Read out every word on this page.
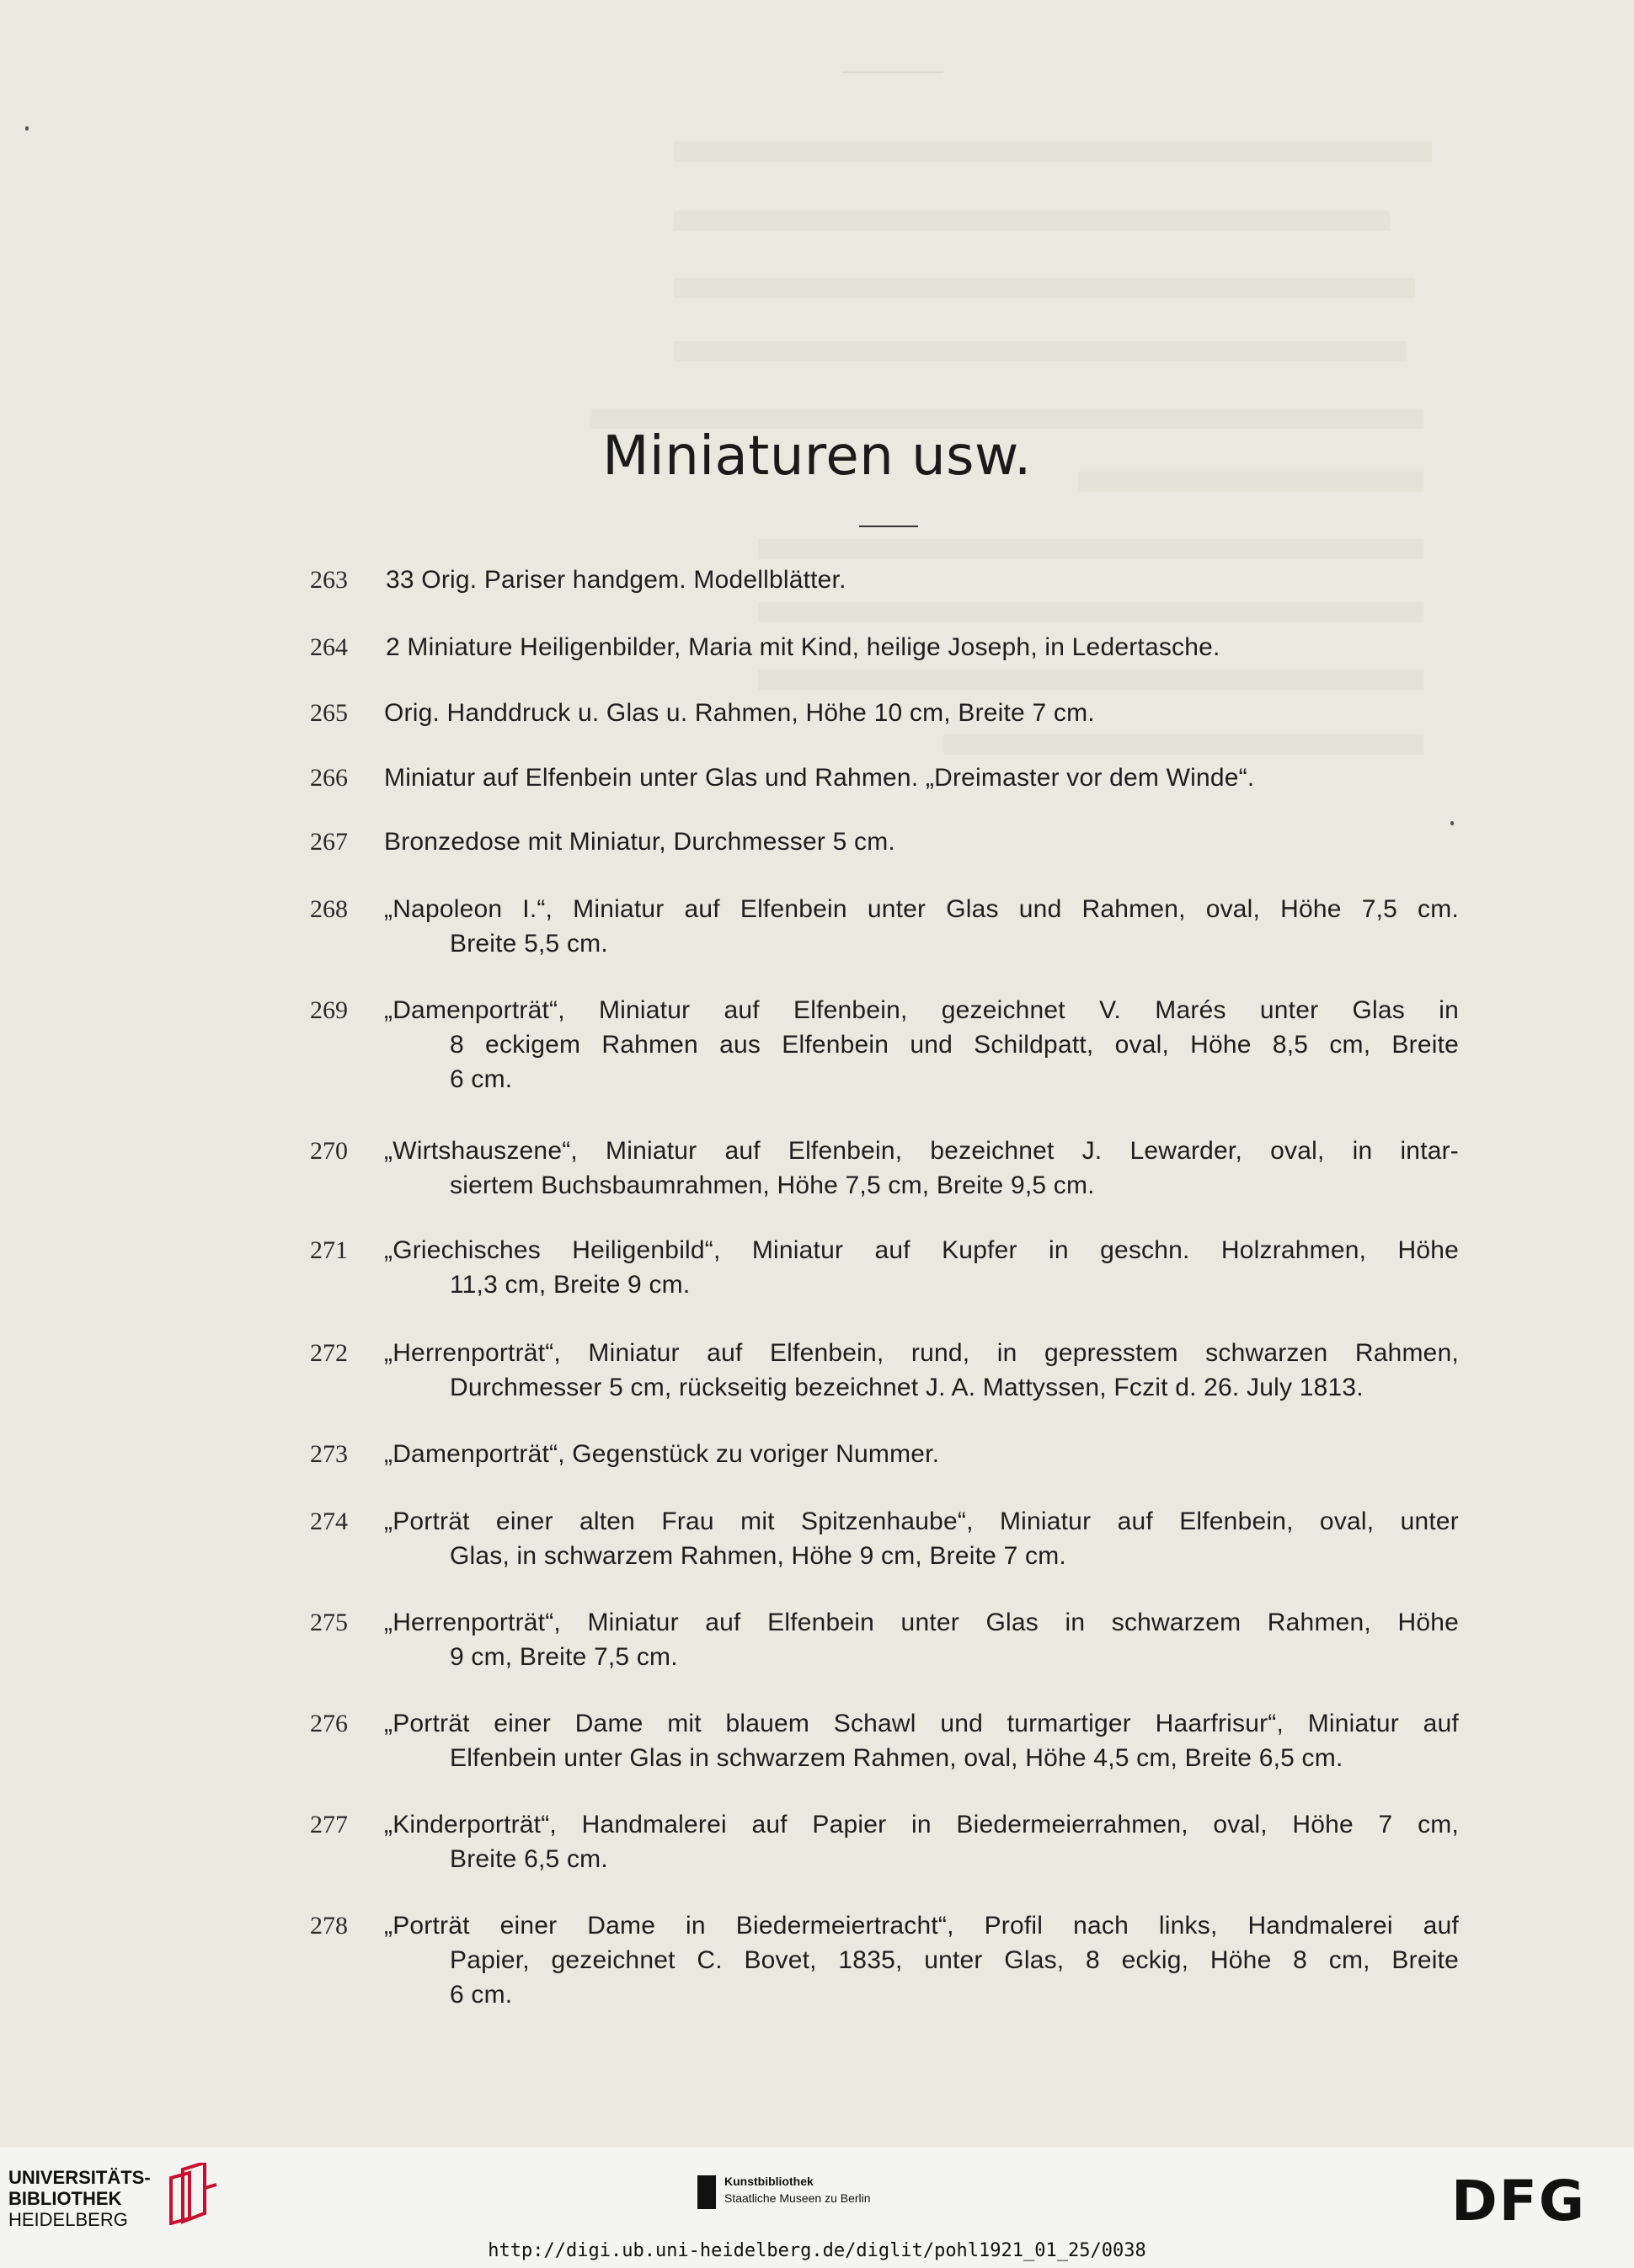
Miniaturen usw.
263 33 Orig. Pariser handgem. Modellblätter.
264 2 Miniature Heiligenbilder, Maria mit Kind, heilige Joseph, in Ledertasche.
265 Orig. Handdruck u. Glas u. Rahmen, Höhe 10 cm, Breite 7 cm.
266 Miniatur auf Elfenbein unter Glas und Rahmen. „Dreimaster vor dem Winde“.
267 Bronzedose mit Miniatur, Durchmesser 5 cm.
268 „Napoleon I.“, Miniatur auf Elfenbein unter Glas und Rahmen, oval, Höhe 7,5 cm.
Breite 5,5 cm.
269 „Damenporträt“, Miniatur auf Elfenbein, gezeichnet V. Marés unter Glas in
8 eckigem Rahmen aus Elfenbein und Schildpatt, oval, Höhe 8,5 cm, Breite
6 cm.
270 „Wirtshauszene“, Miniatur auf Elfenbein, bezeichnet J. Lewarder, oval, in intar-
siertem Buchsbaumrahmen, Höhe 7,5 cm, Breite 9,5 cm.
271 „Griechisches Heiligenbild“, Miniatur auf Kupfer in geschn. Holzrahmen, Höhe
11,3 cm, Breite 9 cm.
272 „Herrenporträt“, Miniatur auf Elfenbein, rund, in gepresstem schwarzen Rahmen,
Durchmesser 5 cm, rückseitig bezeichnet J. A. Mattyssen, Fczit d. 26. July 1813.
273 „Damenporträt“, Gegenstück zu voriger Nummer.
274 „Porträt einer alten Frau mit Spitzenhaube“, Miniatur auf Elfenbein, oval, unter
Glas, in schwarzem Rahmen, Höhe 9 cm, Breite 7 cm.
275 „Herrenporträt“, Miniatur auf Elfenbein unter Glas in schwarzem Rahmen, Höhe
9 cm, Breite 7,5 cm.
276 „Porträt einer Dame mit blauem Schawl und turmartiger Haarfrisur“, Miniatur auf
Elfenbein unter Glas in schwarzem Rahmen, oval, Höhe 4,5 cm, Breite 6,5 cm.
277 „Kinderporträt“, Handmalerei auf Papier in Biedermeierrahmen, oval, Höhe 7 cm,
Breite 6,5 cm.
278 „Porträt einer Dame in Biedermeiertracht“, Profil nach links, Handmalerei auf
Papier, gezeichnet C. Bovet, 1835, unter Glas, 8 eckig, Höhe 8 cm, Breite
6 cm.
UNIVERSITÄTS-
BIBLIOTHEK
HEIDELBERG
Kunstbibliothek
Staatliche Museen zu Berlin	DFG
http://digi.ub.uni-heidelberg.de/diglit/pohl1921_01_25/0038
